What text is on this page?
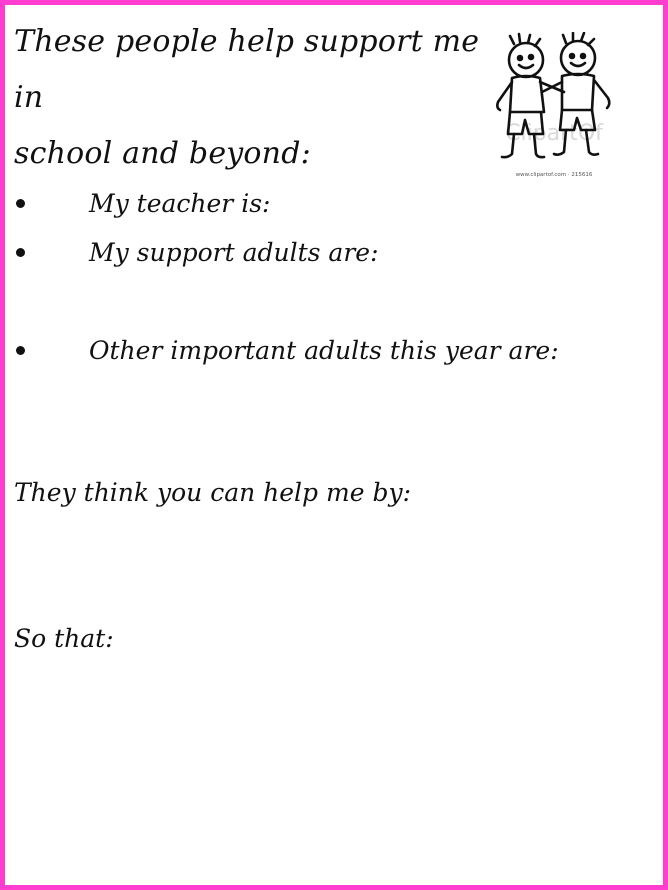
These people help support me in
school and beyond:
ClipartOf
www.clipartof.com · 215616
My teacher is:
My support adults are:
Other important adults this year are:
They think you can help me by:
So that:
